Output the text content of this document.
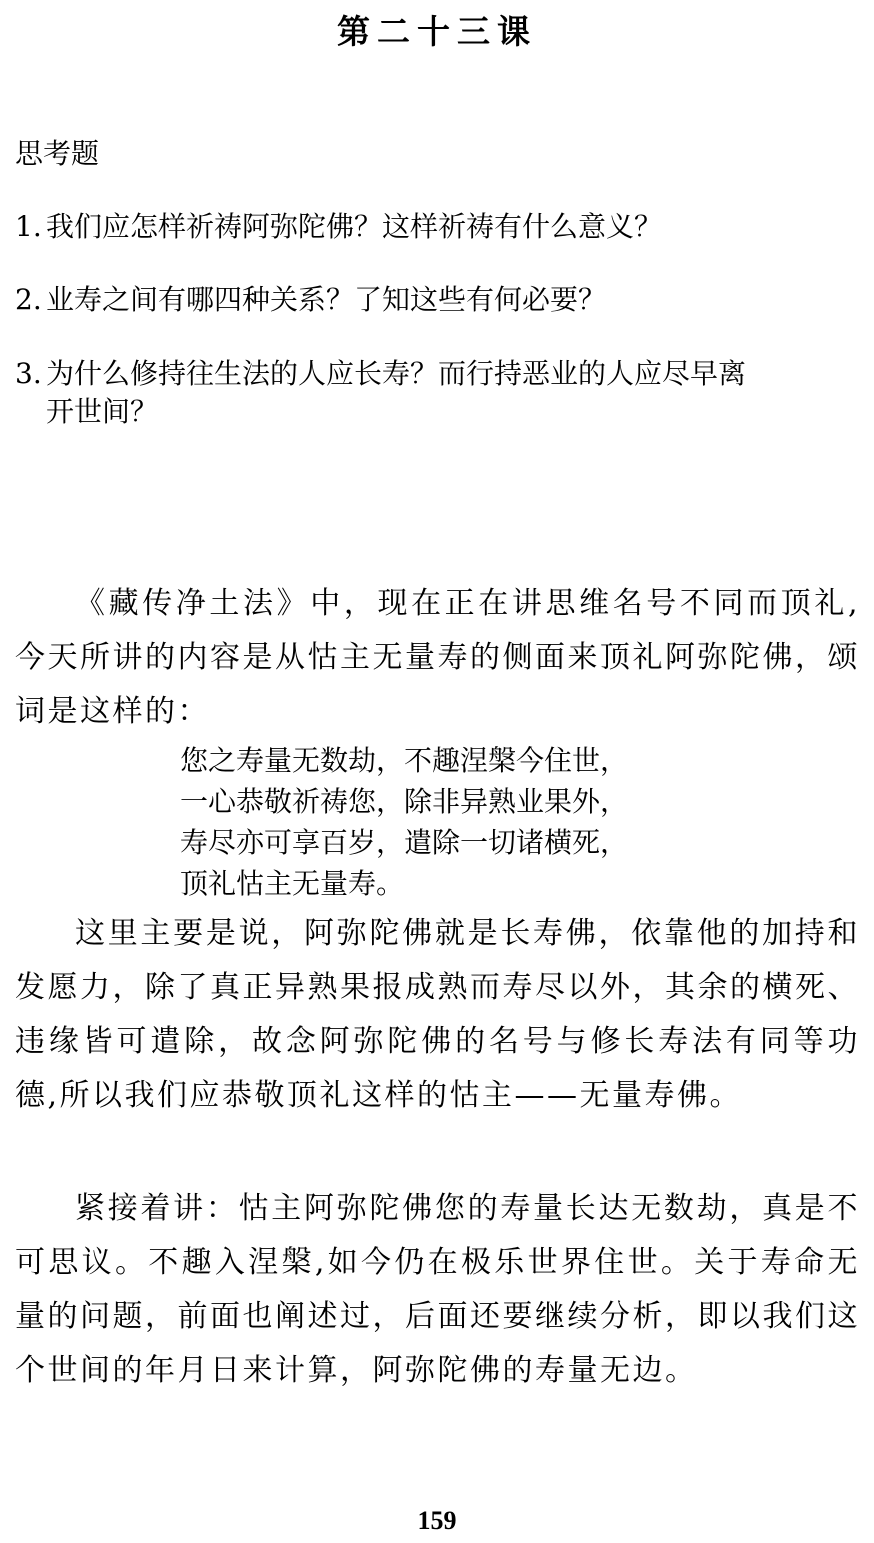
第二十三课
思考题
1. 我们应怎样祈祷阿弥陀佛？这样祈祷有什么意义？
2. 业寿之间有哪四种关系？了知这些有何必要？
3. 为什么修持往生法的人应长寿？而行持恶业的人应尽早离
开世间？
《藏传净土法》中，现在正在讲思维名号不同而顶礼,今天所讲的内容是从怙主无量寿的侧面来顶礼阿弥陀佛，颂词是这样的：
您之寿量无数劫，不趣涅槃今住世，
一心恭敬祈祷您，除非异熟业果外，
寿尽亦可享百岁，遣除一切诸横死，
顶礼怙主无量寿。
这里主要是说，阿弥陀佛就是长寿佛，依靠他的加持和发愿力，除了真正异熟果报成熟而寿尽以外，其余的横死、违缘皆可遣除，故念阿弥陀佛的名号与修长寿法有同等功德,所以我们应恭敬顶礼这样的怙主——无量寿佛。
紧接着讲：怙主阿弥陀佛您的寿量长达无数劫，真是不可思议。不趣入涅槃,如今仍在极乐世界住世。关于寿命无量的问题，前面也阐述过，后面还要继续分析，即以我们这个世间的年月日来计算，阿弥陀佛的寿量无边。
159
